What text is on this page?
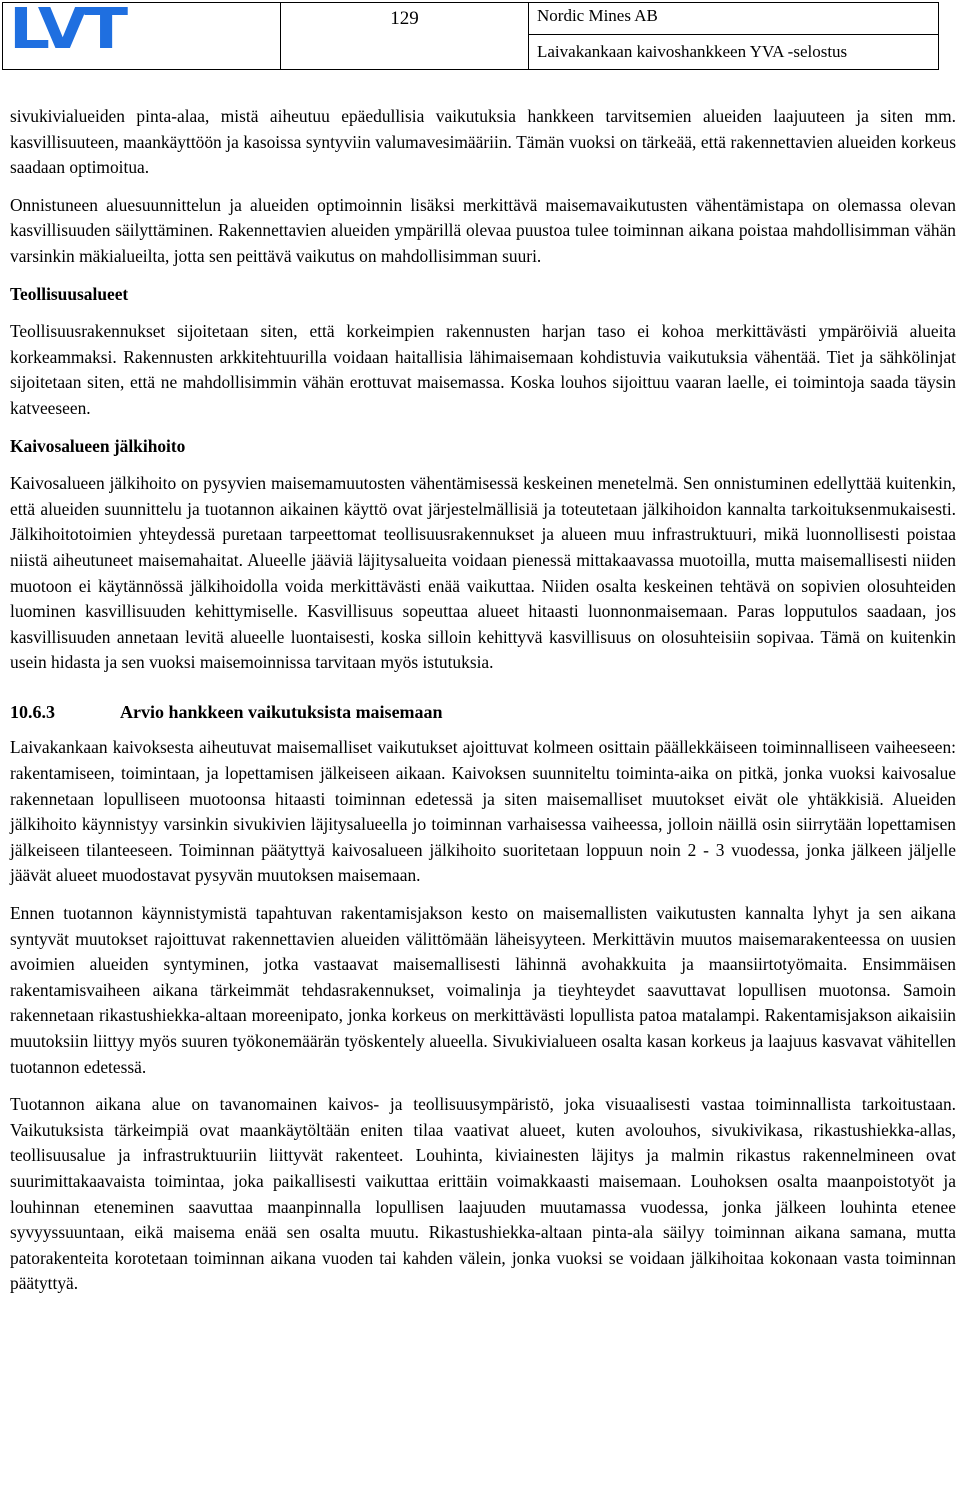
LVT	129	Nordic Mines AB
Laivakankaan kaivoshankkeen YVA -selostus

sivukivialueiden pinta-alaa, mistä aiheutuu epäedullisia vaikutuksia hankkeen tarvitsemien alueiden laajuuteen ja siten mm. kasvillisuuteen, maankäyttöön ja kasoissa syntyviin valumavesimääriin. Tämän vuoksi on tärkeää, että rakennettavien alueiden korkeus saadaan optimoitua.

Onnistuneen aluesuunnittelun ja alueiden optimoinnin lisäksi merkittävä maisemavaikutusten vähentämistapa on olemassa olevan kasvillisuuden säilyttäminen. Rakennettavien alueiden ympärillä olevaa puustoa tulee toiminnan aikana poistaa mahdollisimman vähän varsinkin mäkialueilta, jotta sen peittävä vaikutus on mahdollisimman suuri.

Teollisuusalueet

Teollisuusrakennukset sijoitetaan siten, että korkeimpien rakennusten harjan taso ei kohoa merkittävästi ympäröiviä alueita korkeammaksi. Rakennusten arkkitehtuurilla voidaan haitallisia lähimaisemaan kohdistuvia vaikutuksia vähentää. Tiet ja sähkölinjat sijoitetaan siten, että ne mahdollisimmin vähän erottuvat maisemassa. Koska louhos sijoittuu vaaran laelle, ei toimintoja saada täysin katveeseen.

Kaivosalueen jälkihoito

Kaivosalueen jälkihoito on pysyvien maisemamuutosten vähentämisessä keskeinen menetelmä. Sen onnistuminen edellyttää kuitenkin, että alueiden suunnittelu ja tuotannon aikainen käyttö ovat järjestelmällisiä ja toteutetaan jälkihoidon kannalta tarkoituksenmukaisesti. Jälkihoitotoimien yhteydessä puretaan tarpeettomat teollisuusrakennukset ja alueen muu infrastruktuuri, mikä luonnollisesti poistaa niistä aiheutuneet maisemahaitat. Alueelle jääviä läjitysalueita voidaan pienessä mittakaavassa muotoilla, mutta maisemallisesti niiden muotoon ei käytännössä jälkihoidolla voida merkittävästi enää vaikuttaa. Niiden osalta keskeinen tehtävä on sopivien olosuhteiden luominen kasvillisuuden kehittymiselle. Kasvillisuus sopeuttaa alueet hitaasti luonnonmaisemaan. Paras lopputulos saadaan, jos kasvillisuuden annetaan levitä alueelle luontaisesti, koska silloin kehittyvä kasvillisuus on olosuhteisiin sopivaa. Tämä on kuitenkin usein hidasta ja sen vuoksi maisemoinnissa tarvitaan myös istutuksia.

10.6.3	Arvio hankkeen vaikutuksista maisemaan

Laivakankaan kaivoksesta aiheutuvat maisemalliset vaikutukset ajoittuvat kolmeen osittain päällekkäiseen toiminnalliseen vaiheeseen: rakentamiseen, toimintaan, ja lopettamisen jälkeiseen aikaan. Kaivoksen suunniteltu toiminta-aika on pitkä, jonka vuoksi kaivosalue rakennetaan lopulliseen muotoonsa hitaasti toiminnan edetessä ja siten maisemalliset muutokset eivät ole yhtäkkisiä. Alueiden jälkihoito käynnistyy varsinkin sivukivien läjitysalueella jo toiminnan varhaisessa vaiheessa, jolloin näillä osin siirrytään lopettamisen jälkeiseen tilanteeseen. Toiminnan päätyttyä kaivosalueen jälkihoito suoritetaan loppuun noin 2 - 3 vuodessa, jonka jälkeen jäljelle jäävät alueet muodostavat pysyvän muutoksen maisemaan.

Ennen tuotannon käynnistymistä tapahtuvan rakentamisjakson kesto on maisemallisten vaikutusten kannalta lyhyt ja sen aikana syntyvät muutokset rajoittuvat rakennettavien alueiden välittömään läheisyyteen. Merkittävin muutos maisemarakenteessa on uusien avoimien alueiden syntyminen, jotka vastaavat maisemallisesti lähinnä avohakkuita ja maansiirtotyömaita. Ensimmäisen rakentamisvaiheen aikana tärkeimmät tehdasrakennukset, voimalinja ja tieyhteydet saavuttavat lopullisen muotonsa. Samoin rakennetaan rikastushiekka-altaan moreenipato, jonka korkeus on merkittävästi lopullista patoa matalampi. Rakentamisjakson aikaisiin muutoksiin liittyy myös suuren työkonemäärän työskentely alueella. Sivukivialueen osalta kasan korkeus ja laajuus kasvavat vähitellen tuotannon edetessä.

Tuotannon aikana alue on tavanomainen kaivos- ja teollisuusympäristö, joka visuaalisesti vastaa toiminnallista tarkoitustaan. Vaikutuksista tärkeimpiä ovat maankäytöltään eniten tilaa vaativat alueet, kuten avolouhos, sivukivikasa, rikastushiekka-allas, teollisuusalue ja infrastruktuuriin liittyvät rakenteet. Louhinta, kiviainesten läjitys ja malmin rikastus rakennelmineen ovat suurimittakaavaista toimintaa, joka paikallisesti vaikuttaa erittäin voimakkaasti maisemaan. Louhoksen osalta maanpoistotyöt ja louhinnan eteneminen saavuttaa maanpinnalla lopullisen laajuuden muutamassa vuodessa, jonka jälkeen louhinta etenee syvyyssuuntaan, eikä maisema enää sen osalta muutu. Rikastushiekka-altaan pinta-ala säilyy toiminnan aikana samana, mutta patorakenteita korotetaan toiminnan aikana vuoden tai kahden välein, jonka vuoksi se voidaan jälkihoitaa kokonaan vasta toiminnan päätyttyä.
